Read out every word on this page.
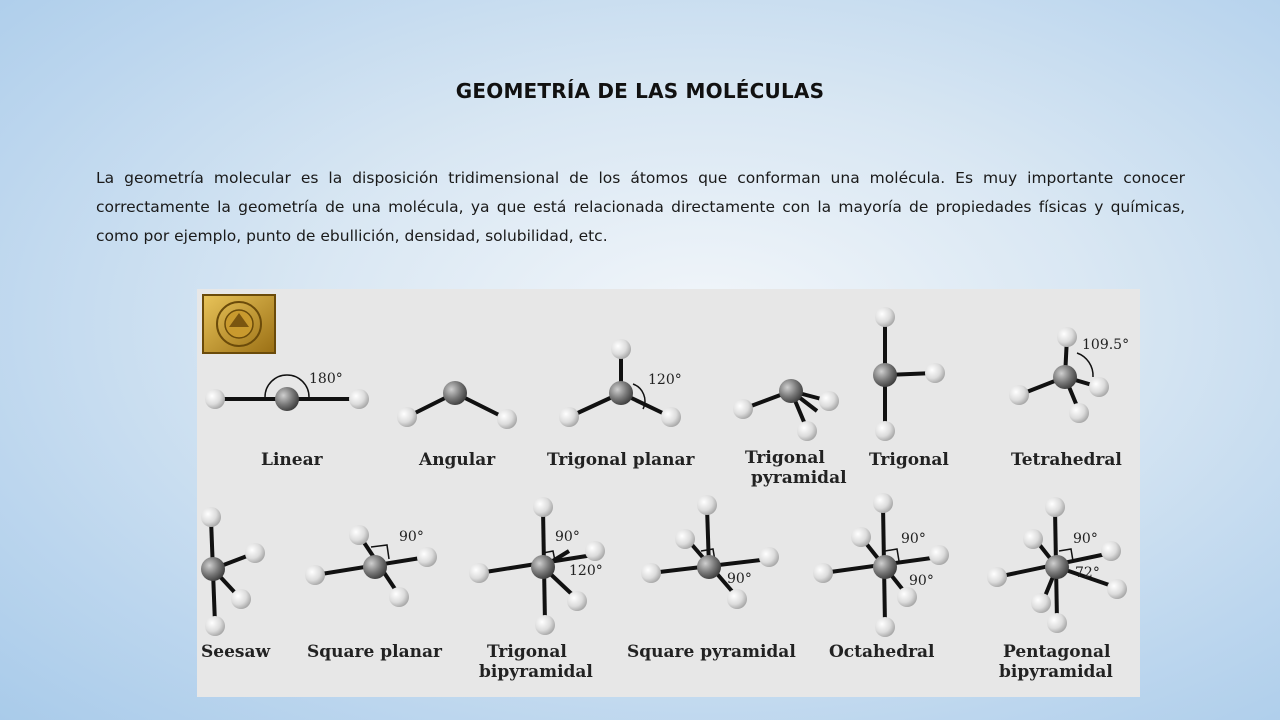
GEOMETRÍA DE LAS MOLÉCULAS
La geometría molecular es la disposición tridimensional de los átomos que conforman una molécula. Es muy importante conocer correctamente la geometría de una molécula, ya que está relacionada directamente con la mayoría de propiedades físicas y químicas, como por ejemplo, punto de ebullición, densidad, solubilidad, etc.
180°	120°
109.5°
Linear	Angular	Trigonal planar	Trigonal
pyramidal
Trigonal	Tetrahedral
90°	90°
120°	90°
90°
90°
90°
72°
Seesaw Square planar	Trigonal
bipyramidal
Square pyramidal Octahedral	Pentagonal
bipyramidal
